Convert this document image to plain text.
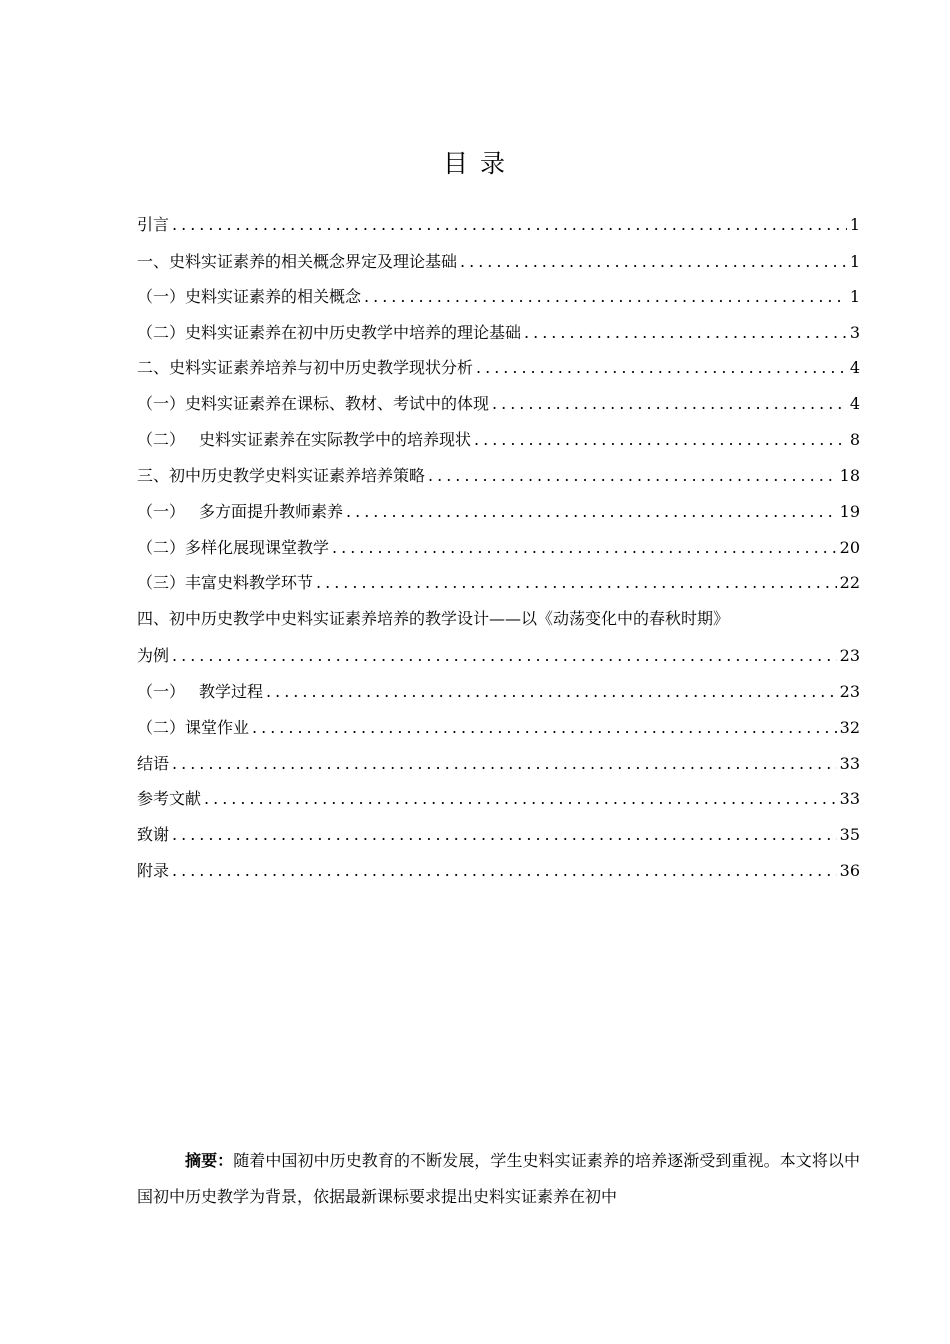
目 录
引言 .....	1
一、史料实证素养的相关概念界定及理论基础 .....	1
（一）史料实证素养的相关概念 .....	1
（二）史料实证素养在初中历史教学中培养的理论基础 .....	3
二、史料实证素养培养与初中历史教学现状分析 .....	4
（一）史料实证素养在课标、教材、考试中的体现 .....	4
（二） 史料实证素养在实际教学中的培养现状 .....	8
三、初中历史教学史料实证素养培养策略 .....	18
（一） 多方面提升教师素养 .....	19
（二）多样化展现课堂教学 .....	20
（三）丰富史料教学环节 .....	22
四、初中历史教学中史料实证素养培养的教学设计——以《动荡变化中的春秋时期》
为例 .....	23
（一） 教学过程 .....	23
（二）课堂作业 .....	32
结语 .....	33
参考文献 .....	33
致谢 .....	35
附录 .....	36

摘要：随着中国初中历史教育的不断发展，学生史料实证素养的培养逐渐受到重视。本文将以中国初中历史教学为背景，依据最新课标要求提出史料实证素养在初中
